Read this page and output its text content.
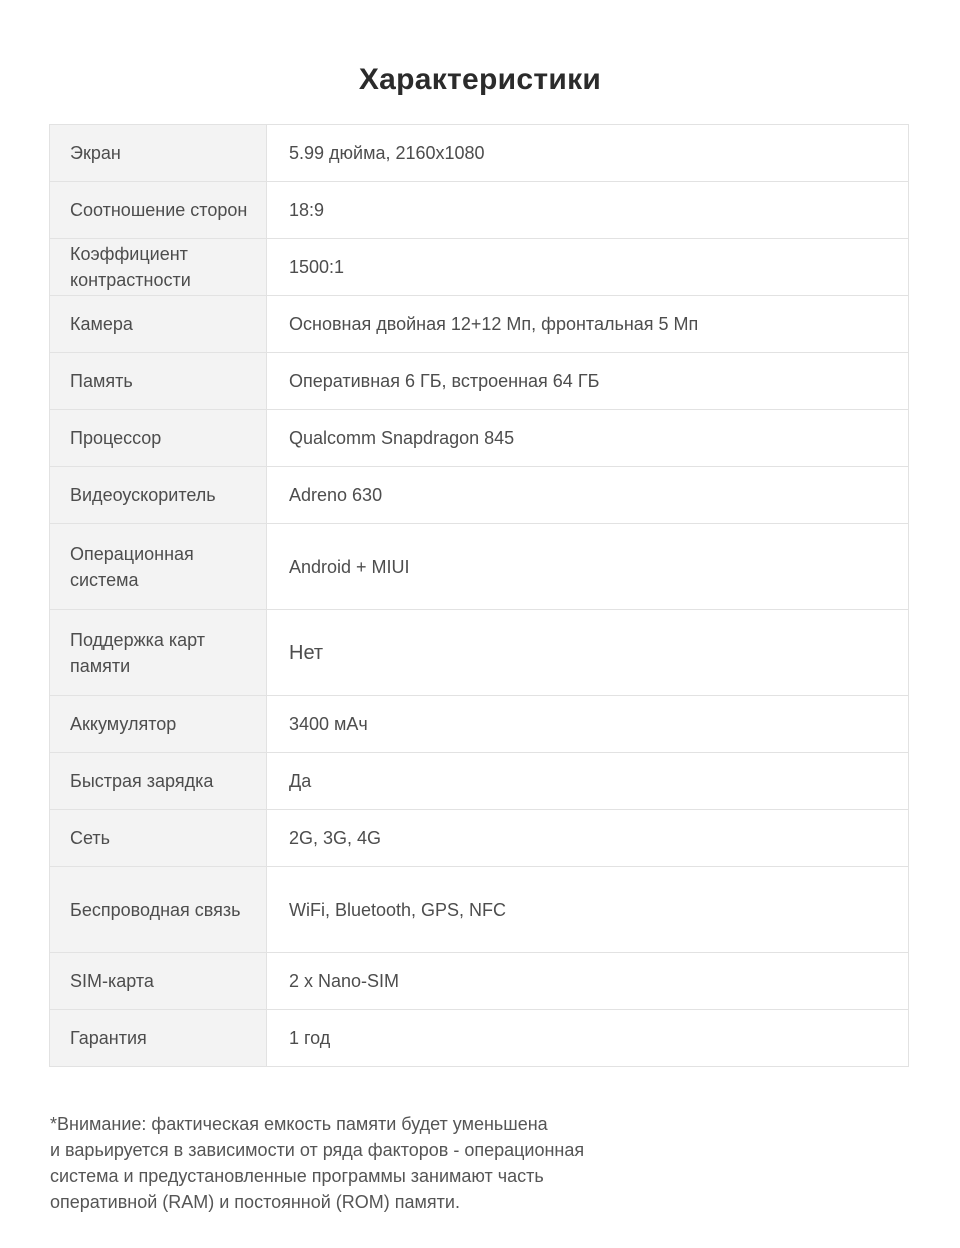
Характеристики
Экран	5.99 дюйма, 2160x1080
Соотношение сторон	18:9
Коэффициент контрастности	1500:1
Камера	Основная двойная 12+12 Мп, фронтальная 5 Мп
Память	Оперативная 6 ГБ, встроенная 64 ГБ
Процессор	Qualcomm Snapdragon 845
Видеоускоритель	Adreno 630
Операционная система	Android + MIUI
Поддержка карт памяти	Нет
Аккумулятор	3400 мАч
Быстрая зарядка	Да
Сеть	2G, 3G, 4G
Беспроводная связь	WiFi, Bluetooth, GPS, NFC
SIM-карта	2 x Nano-SIM
Гарантия	1 год
*Внимание: фактическая емкость памяти будет уменьшена
и варьируется в зависимости от ряда факторов - операционная
система и предустановленные программы занимают часть
оперативной (RAM) и постоянной (ROM) памяти.
